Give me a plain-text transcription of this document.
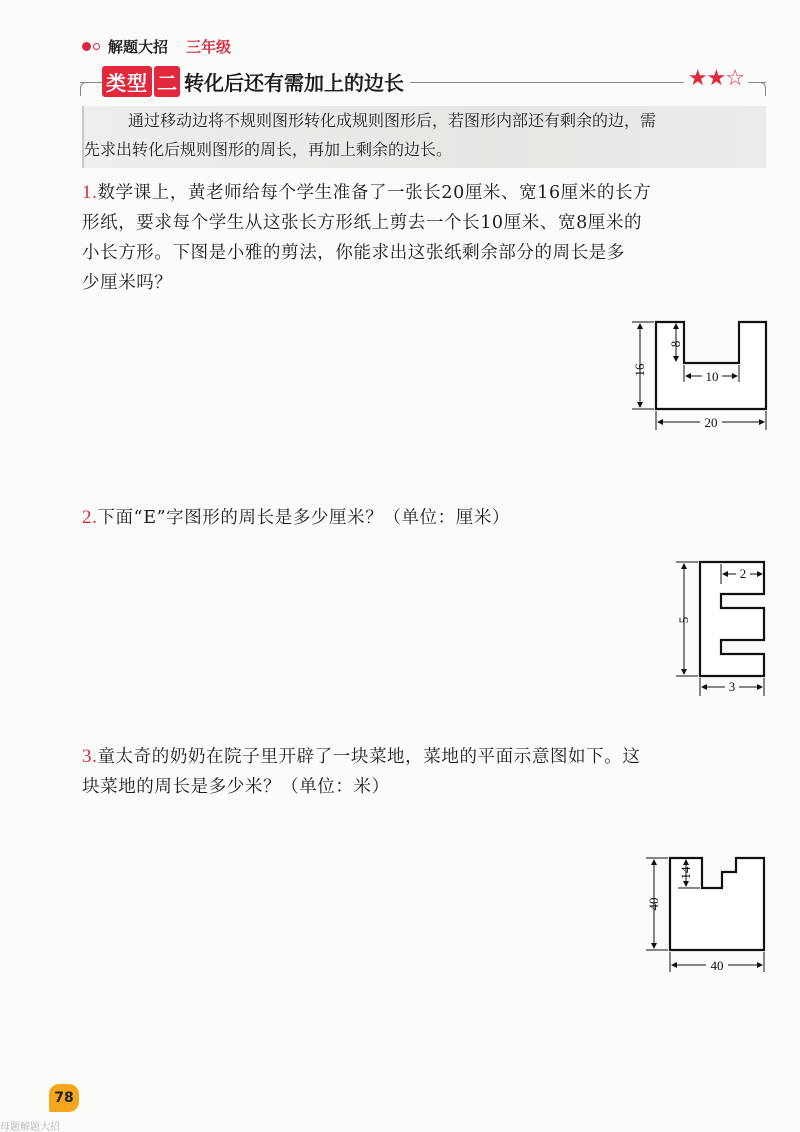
解题大招 三年级
类型 二 转化后还有需加上的边长	★★☆
通过移动边将不规则图形转化成规则图形后，若图形内部还有剩余的边，需
先求出转化后规则图形的周长，再加上剩余的边长。

1.数学课上，黄老师给每个学生准备了一张长20厘米、宽16厘米的长方

形纸，要求每个学生从这张长方形纸上剪去一个长10厘米、宽8厘米的

小长方形。下图是小雅的剪法，你能求出这张纸剩余部分的周长是多

少厘米吗？

16
8
10
20

2.下面“E”字图形的周长是多少厘米？（单位：厘米）

2
5
3

3.童太奇的奶奶在院子里开辟了一块菜地，菜地的平面示意图如下。这

块菜地的周长是多少米？（单位：米）

40
14
40
78
母题解题大招
